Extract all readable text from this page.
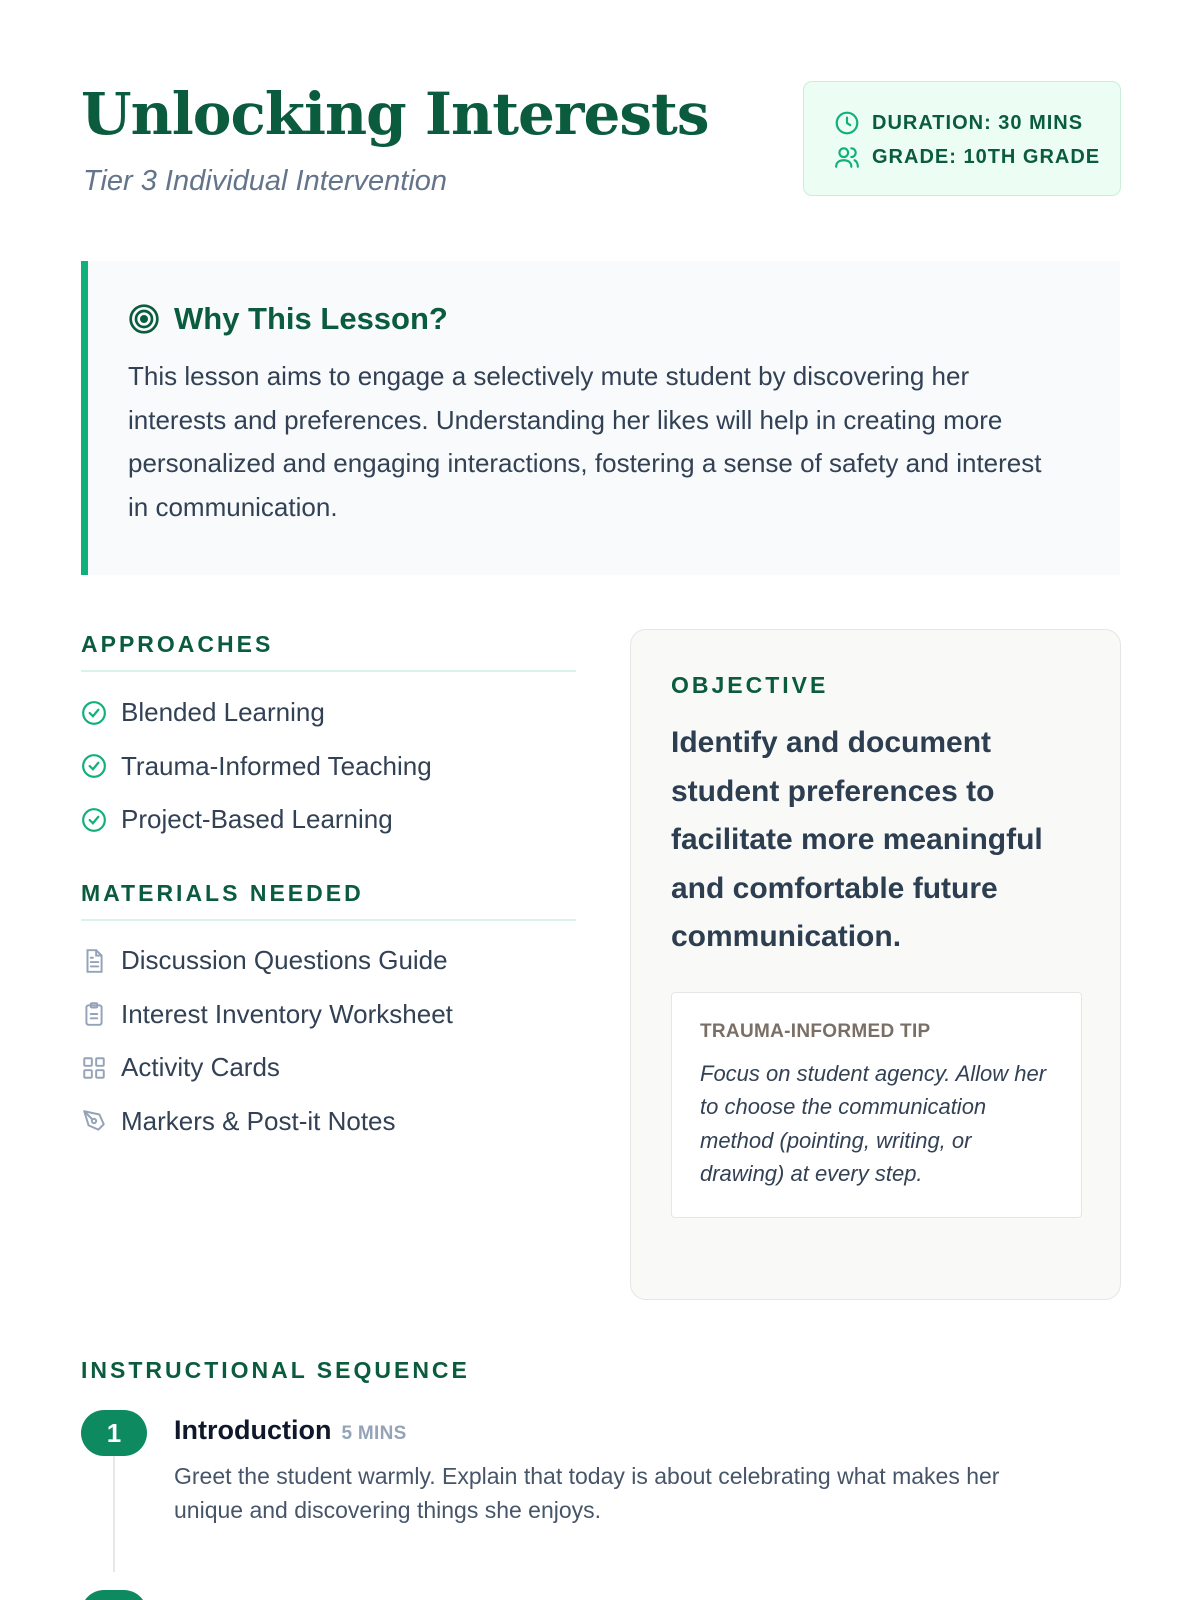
Unlocking Interests
Tier 3 Individual Intervention
DURATION: 30 MINS
GRADE: 10TH GRADE
Why This Lesson?

This lesson aims to engage a selectively mute student by discovering her interests and preferences. Understanding her likes will help in creating more personalized and engaging interactions, fostering a sense of safety and interest in communication.

APPROACHES
Blended Learning
Trauma-Informed Teaching
Project-Based Learning
MATERIALS NEEDED
Discussion Questions Guide
Interest Inventory Worksheet
Activity Cards
Markers & Post-it Notes
OBJECTIVE

Identify and document student preferences to facilitate more meaningful and comfortable future communication.

TRAUMA-INFORMED TIP

Focus on student agency. Allow her to choose the communication method (pointing, writing, or drawing) at every step.

INSTRUCTIONAL SEQUENCE
1	Introduction 5 MINS

Greet the student warmly. Explain that today is about celebrating what makes her unique and discovering things she enjoys.
